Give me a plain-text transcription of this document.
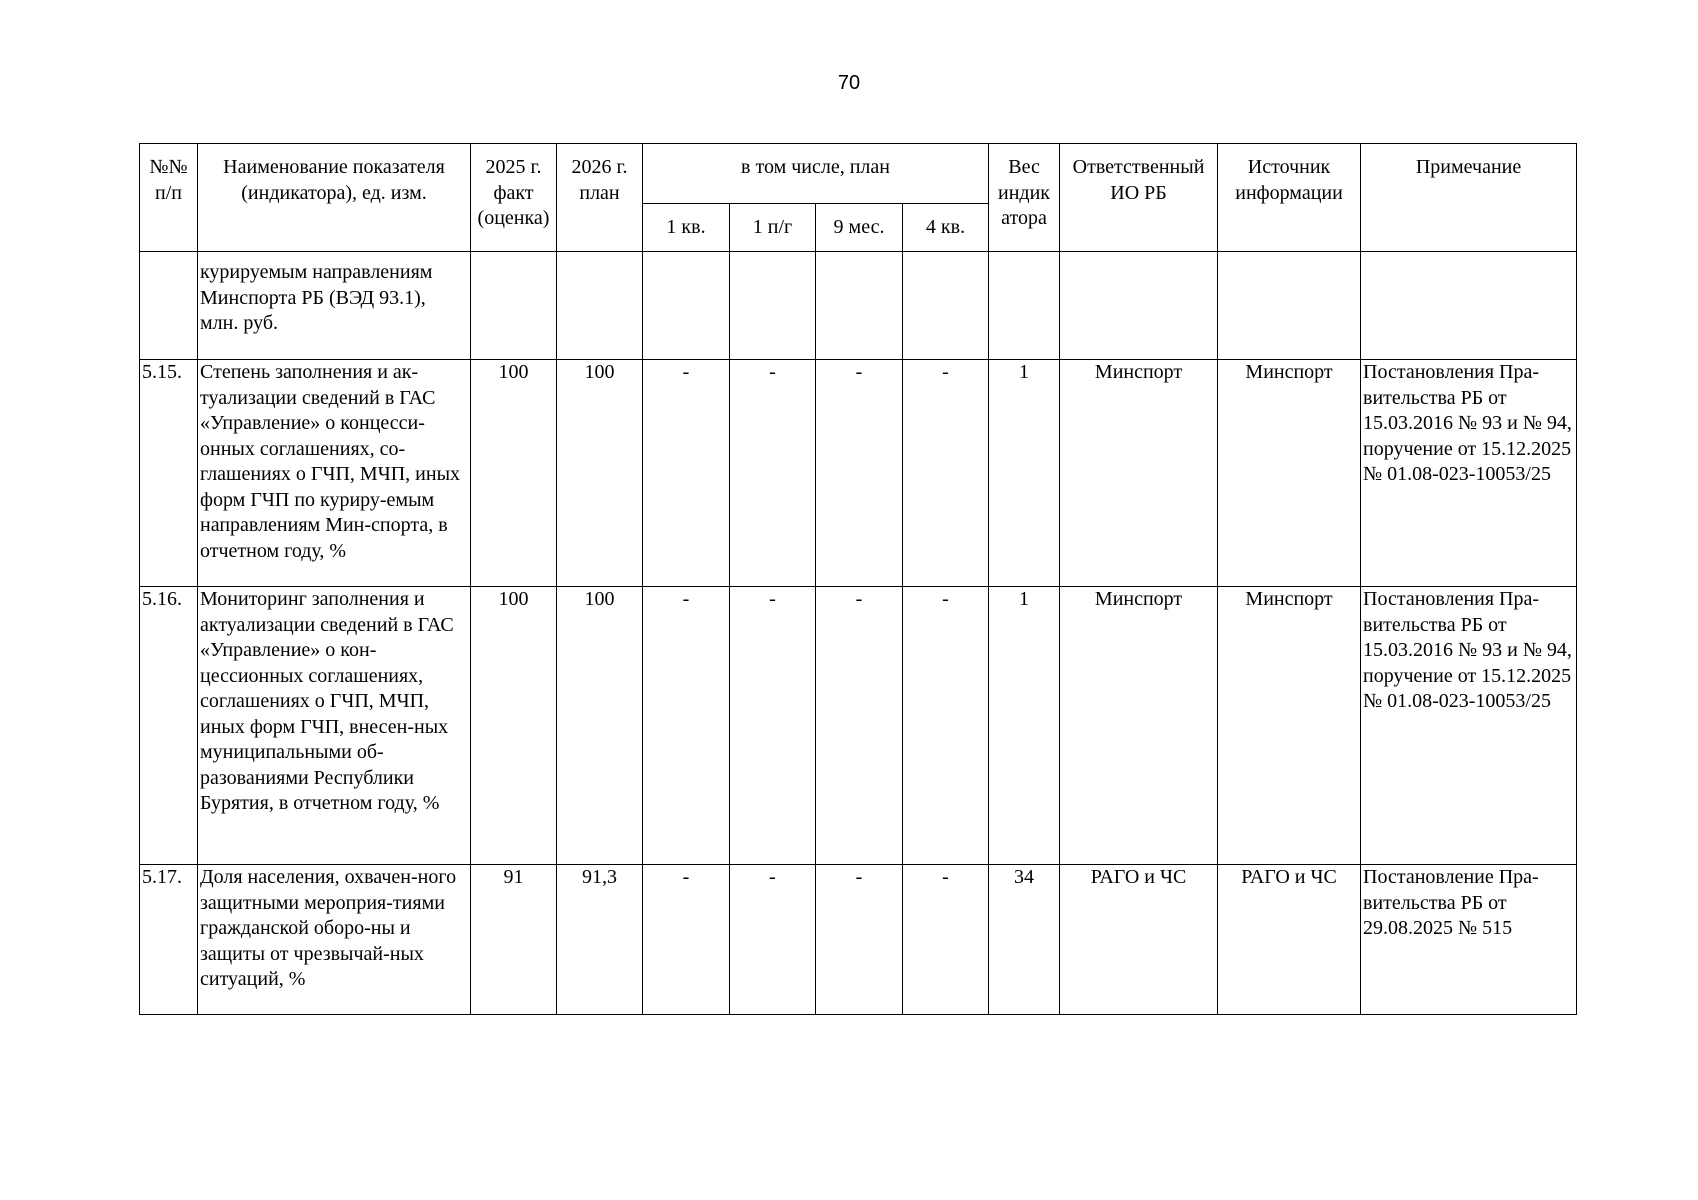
70
№№ п/п	Наименование показателя (индикатора), ед. изм.	2025 г. факт (оценка)	2026 г. план	в том числе, план				Вес индик атора	Ответственный ИО РБ	Источник информации	Примечание
				1 кв.	1 п/г	9 мес.	4 кв.				
	курируемым направлениям Минспорта РБ (ВЭД 93.1), млн. руб.										
5.15.	Степень заполнения и ак-туализации сведений в ГАС «Управление» о концесси-онных соглашениях, со-глашениях о ГЧП, МЧП, иных форм ГЧП по куриру-емым направлениям Мин-спорта, в отчетном году, %	100	100	-	-	-	-	1	Минспорт	Минспорт	Постановления Пра-вительства РБ от 15.03.2016 № 93 и № 94, поручение от 15.12.2025 № 01.08-023-10053/25
5.16.	Мониторинг заполнения и актуализации сведений в ГАС «Управление» о кон-цессионных соглашениях, соглашениях о ГЧП, МЧП, иных форм ГЧП, внесен-ных муниципальными об-разованиями Республики Бурятия, в отчетном году, %	100	100	-	-	-	-	1	Минспорт	Минспорт	Постановления Пра-вительства РБ от 15.03.2016 № 93 и № 94, поручение от 15.12.2025 № 01.08-023-10053/25
5.17.	Доля населения, охвачен-ного защитными мероприя-тиями гражданской оборо-ны и защиты от чрезвычай-ных ситуаций, %	91	91,3	-	-	-	-	34	РАГО и ЧС	РАГО и ЧС	Постановление Пра-вительства РБ от 29.08.2025 № 515
